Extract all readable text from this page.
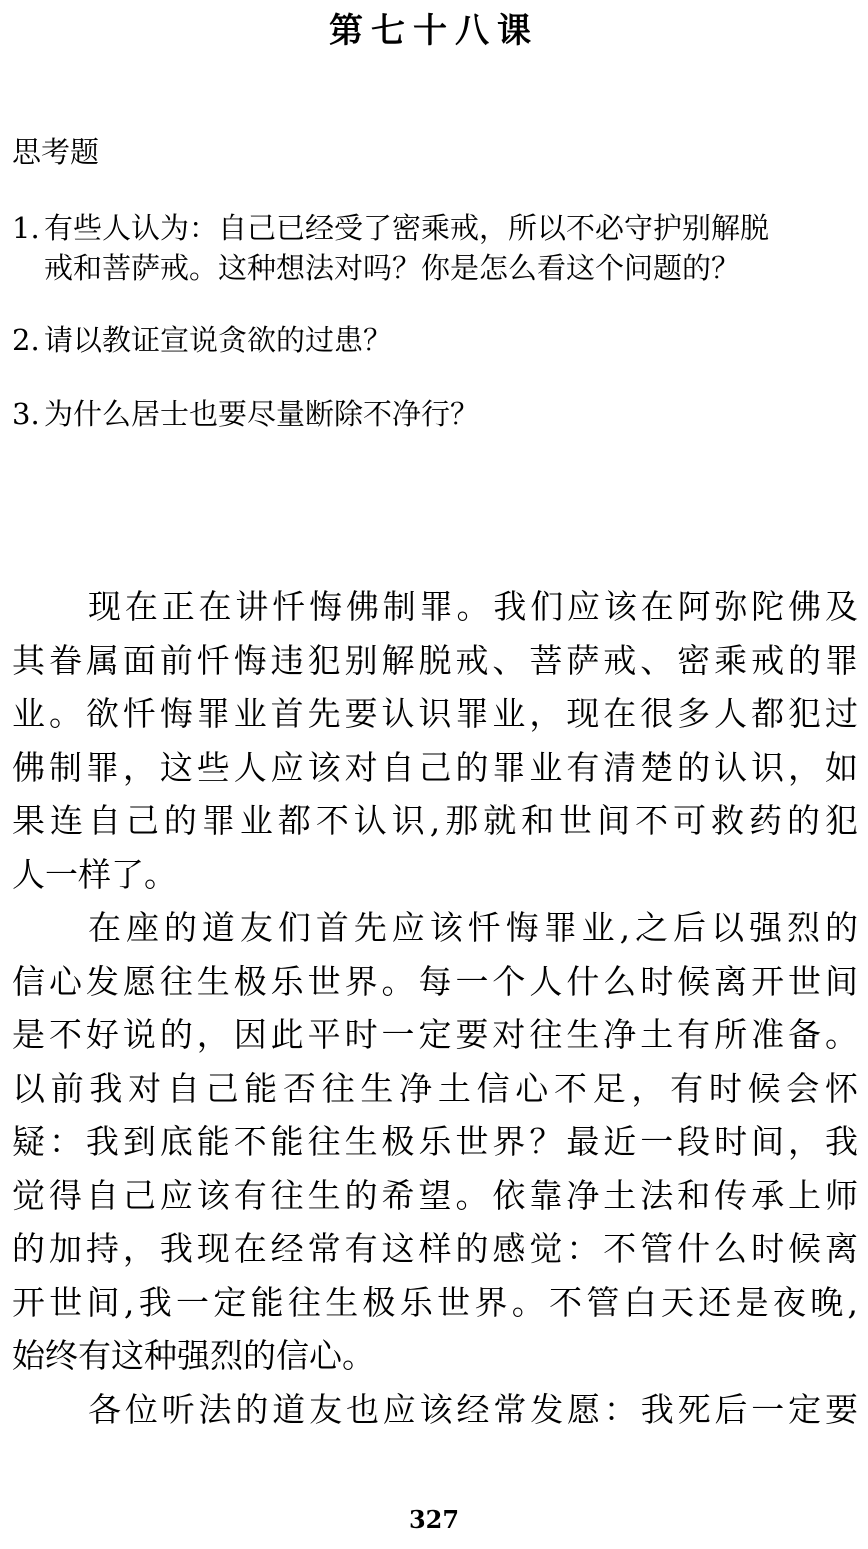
第七十八课
思考题
1. 有些人认为：自己已经受了密乘戒，所以不必守护别解脱
戒和菩萨戒。这种想法对吗？你是怎么看这个问题的？
2. 请以教证宣说贪欲的过患？
3. 为什么居士也要尽量断除不净行？
现在正在讲忏悔佛制罪。我们应该在阿弥陀佛及
其眷属面前忏悔违犯别解脱戒、菩萨戒、密乘戒的罪
业。欲忏悔罪业首先要认识罪业，现在很多人都犯过
佛制罪，这些人应该对自己的罪业有清楚的认识，如
果连自己的罪业都不认识,那就和世间不可救药的犯
人一样了。
在座的道友们首先应该忏悔罪业,之后以强烈的
信心发愿往生极乐世界。每一个人什么时候离开世间
是不好说的，因此平时一定要对往生净土有所准备。
以前我对自己能否往生净土信心不足，有时候会怀
疑：我到底能不能往生极乐世界？最近一段时间，我
觉得自己应该有往生的希望。依靠净土法和传承上师
的加持，我现在经常有这样的感觉：不管什么时候离
开世间,我一定能往生极乐世界。不管白天还是夜晚,
始终有这种强烈的信心。
各位听法的道友也应该经常发愿：我死后一定要
327
